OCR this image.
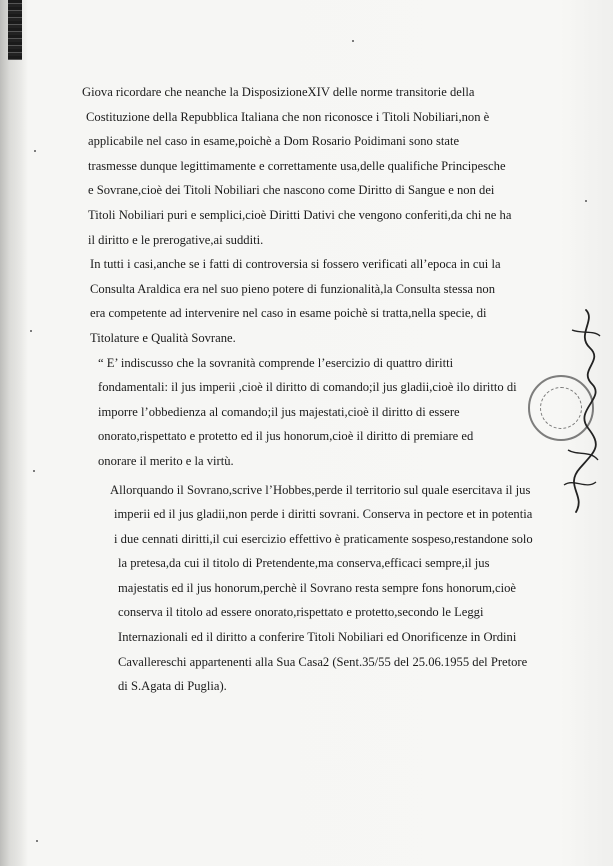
Giova ricordare che neanche la DisposizioneXIV delle norme transitorie della
Costituzione della Repubblica Italiana che non riconosce i Titoli Nobiliari,non è
applicabile nel caso in esame,poichè a Dom Rosario Poidimani sono state
trasmesse dunque legittimamente e correttamente usa,delle qualifiche Principesche
e Sovrane,cioè dei Titoli Nobiliari che nascono come Diritto di Sangue e non dei
Titoli Nobiliari puri e semplici,cioè Diritti Dativi che vengono conferiti,da chi ne ha
il diritto e le prerogative,ai sudditi.
In tutti i casi,anche se i fatti di controversia si fossero verificati all’epoca in cui la
Consulta Araldica era nel suo pieno potere di funzionalità,la Consulta stessa non
era competente ad intervenire nel caso in esame poichè si tratta,nella specie, di
Titolature e Qualità Sovrane.
“ E’ indiscusso che la sovranità comprende l’esercizio di quattro diritti
fondamentali: il jus imperii ,cioè il diritto di comando;il jus gladii,cioè ilo diritto di
imporre l’obbedienza al comando;il jus majestati,cioè il diritto di essere
onorato,rispettato e protetto ed il jus honorum,cioè il diritto di premiare ed
onorare il merito e la virtù.
Allorquando il Sovrano,scrive l’Hobbes,perde il territorio sul quale esercitava il jus
imperii ed il jus gladii,non perde i diritti sovrani. Conserva in pectore et in potentia
i due cennati diritti,il cui esercizio effettivo è praticamente sospeso,restandone solo
la pretesa,da cui il titolo di Pretendente,ma conserva,efficaci sempre,il jus
majestatis ed il jus honorum,perchè il Sovrano resta sempre fons honorum,cioè
conserva il titolo ad essere onorato,rispettato e protetto,secondo le Leggi
Internazionali ed il diritto a conferire Titoli Nobiliari ed Onorificenze in Ordini
Cavallereschi appartenenti alla Sua Casa2 (Sent.35/55 del 25.06.1955 del Pretore
di S.Agata di Puglia).
